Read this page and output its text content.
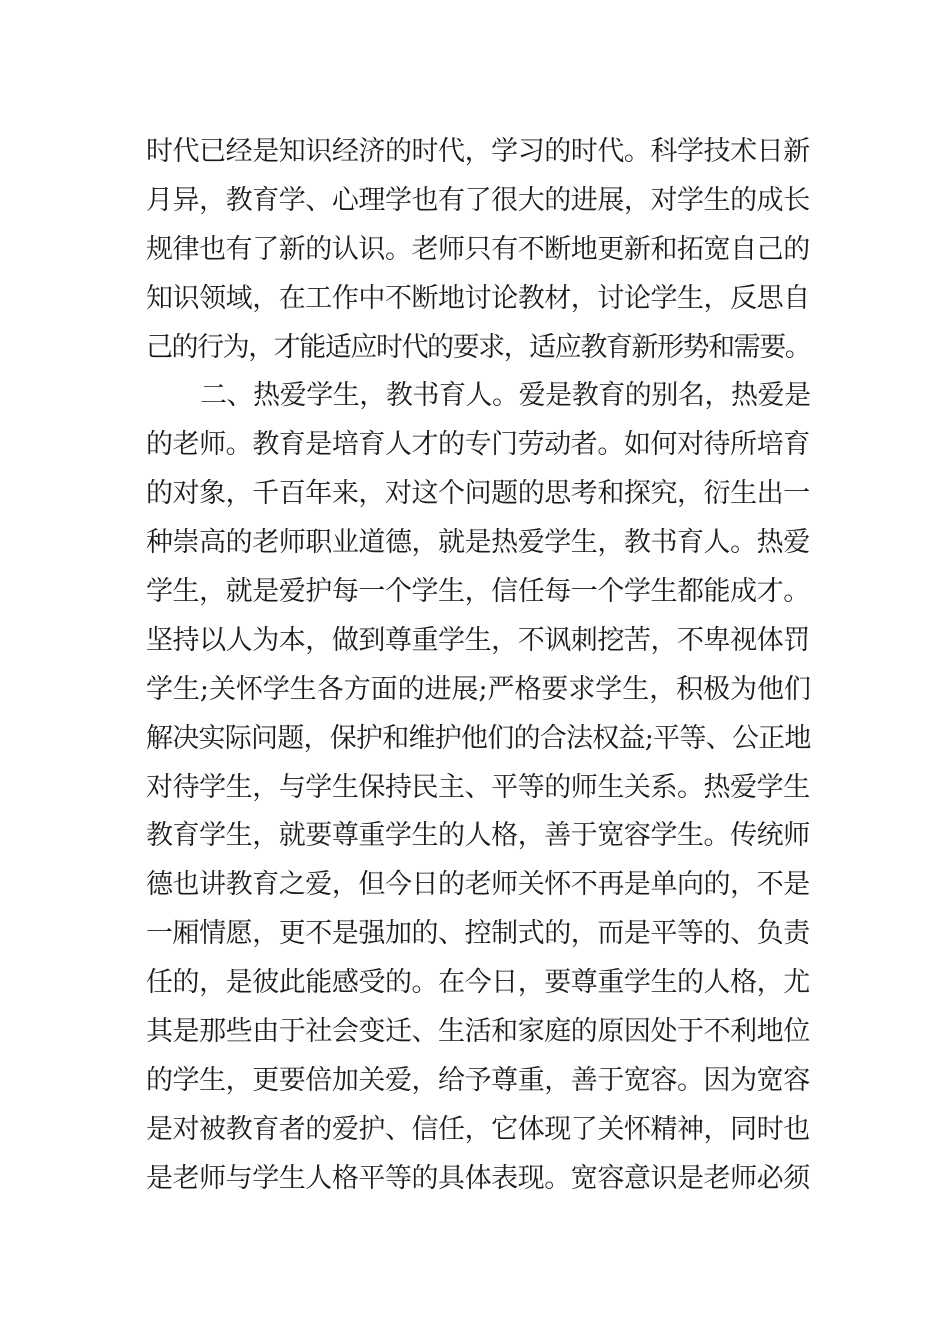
时代已经是知识经济的时代，学习的时代。科学技术日新
月异，教育学、心理学也有了很大的进展，对学生的成长
规律也有了新的认识。老师只有不断地更新和拓宽自己的
知识领域，在工作中不断地讨论教材，讨论学生，反思自
己的行为，才能适应时代的要求，适应教育新形势和需要。
二、热爱学生，教书育人。爱是教育的别名，热爱是
的老师。教育是培育人才的专门劳动者。如何对待所培育
的对象，千百年来，对这个问题的思考和探究，衍生出一
种崇高的老师职业道德，就是热爱学生，教书育人。热爱
学生，就是爱护每一个学生，信任每一个学生都能成才。
坚持以人为本，做到尊重学生，不讽刺挖苦，不卑视体罚
学生;关怀学生各方面的进展;严格要求学生，积极为他们
解决实际问题，保护和维护他们的合法权益;平等、公正地
对待学生，与学生保持民主、平等的师生关系。热爱学生
教育学生，就要尊重学生的人格，善于宽容学生。传统师
德也讲教育之爱，但今日的老师关怀不再是单向的，不是
一厢情愿，更不是强加的、控制式的，而是平等的、负责
任的，是彼此能感受的。在今日，要尊重学生的人格，尤
其是那些由于社会变迁、生活和家庭的原因处于不利地位
的学生，更要倍加关爱，给予尊重，善于宽容。因为宽容
是对被教育者的爱护、信任，它体现了关怀精神，同时也
是老师与学生人格平等的具体表现。宽容意识是老师必须
